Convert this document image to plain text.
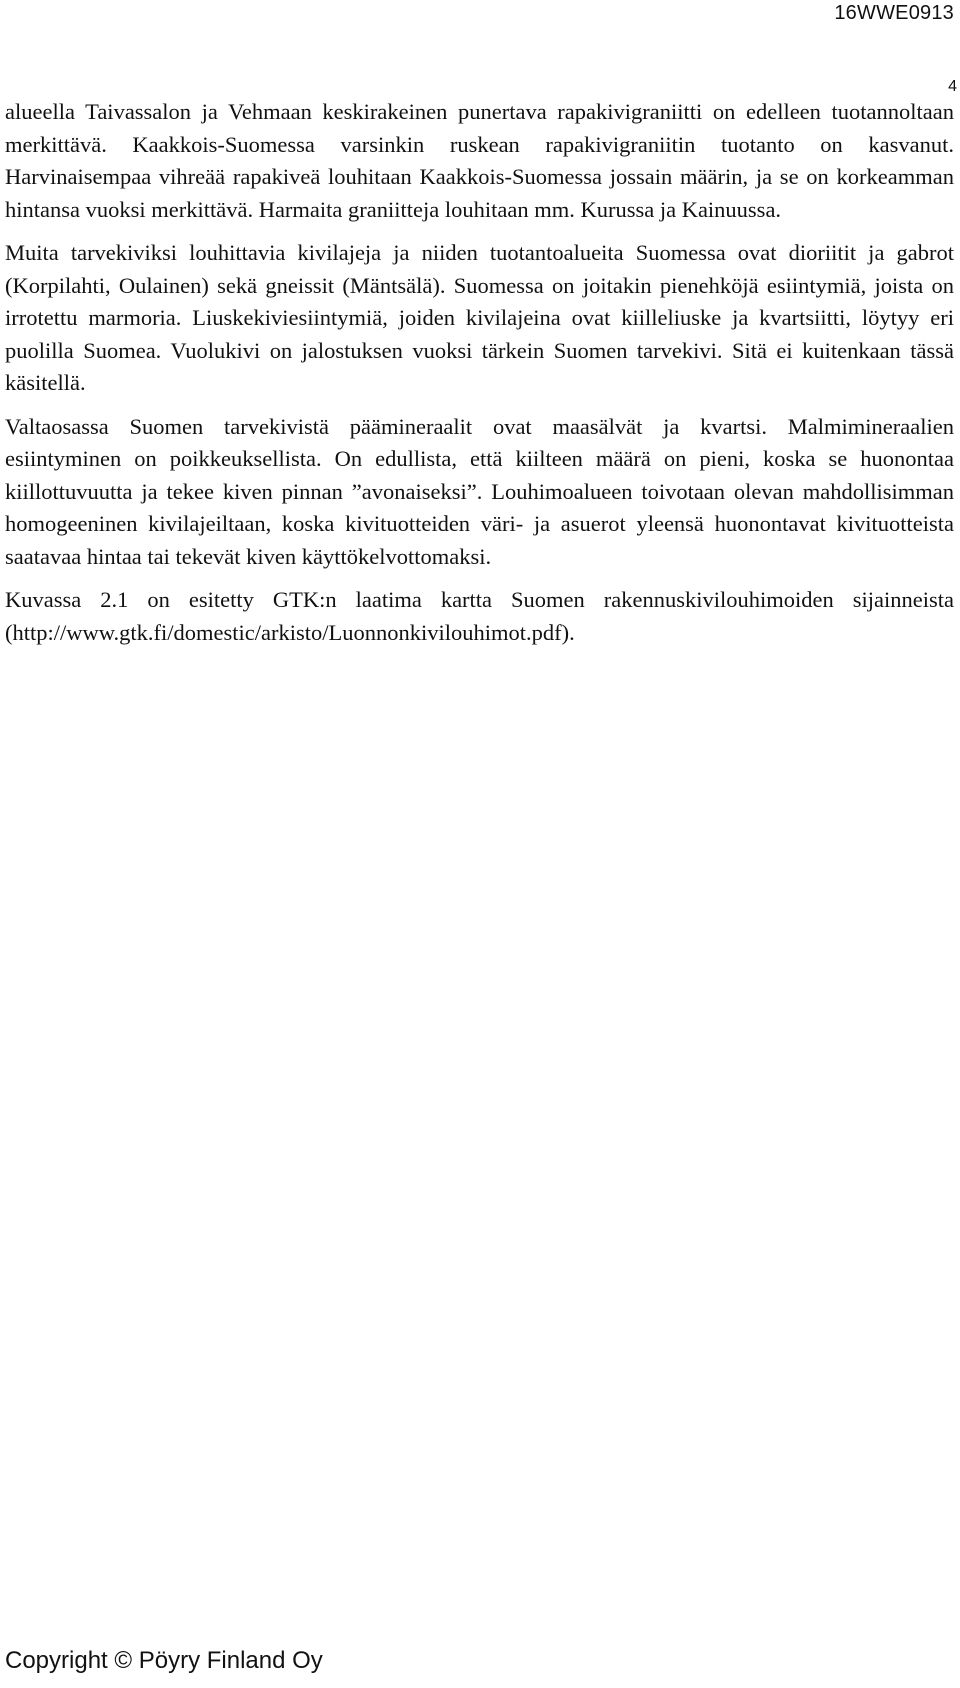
16WWE0913
4

alueella Taivassalon ja Vehmaan keskirakeinen punertava rapakivigraniitti on edelleen tuotannoltaan merkittävä. Kaakkois-Suomessa varsinkin ruskean rapakivigraniitin tuotanto on kasvanut. Harvinaisempaa vihreää rapakiveä louhitaan Kaakkois-Suomessa jossain määrin, ja se on korkeamman hintansa vuoksi merkittävä. Harmaita graniitteja louhitaan mm. Kurussa ja Kainuussa.

Muita tarvekiviksi louhittavia kivilajeja ja niiden tuotantoalueita Suomessa ovat dioriitit ja gabrot (Korpilahti, Oulainen) sekä gneissit (Mäntsälä). Suomessa on joitakin pienehköjä esiintymiä, joista on irrotettu marmoria. Liuskekiviesiintymiä, joiden kivilajeina ovat kiilleliuske ja kvartsiitti, löytyy eri puolilla Suomea. Vuolukivi on jalostuksen vuoksi tärkein Suomen tarvekivi. Sitä ei kuitenkaan tässä käsitellä.

Valtaosassa Suomen tarvekivistä päämineraalit ovat maasälvät ja kvartsi. Malmimineraalien esiintyminen on poikkeuksellista. On edullista, että kiilteen määrä on pieni, koska se huonontaa kiillottuvuutta ja tekee kiven pinnan ”avonaiseksi”. Louhimoalueen toivotaan olevan mahdollisimman homogeeninen kivilajeiltaan, koska kivituotteiden väri- ja asuerot yleensä huonontavat kivituotteista saatavaa hintaa tai tekevät kiven käyttökelvottomaksi.

Kuvassa 2.1 on esitetty GTK:n laatima kartta Suomen rakennuskivilouhimoiden sijainneista (http://www.gtk.fi/domestic/arkisto/Luonnonkivilouhimot.pdf).

Copyright © Pöyry Finland Oy
